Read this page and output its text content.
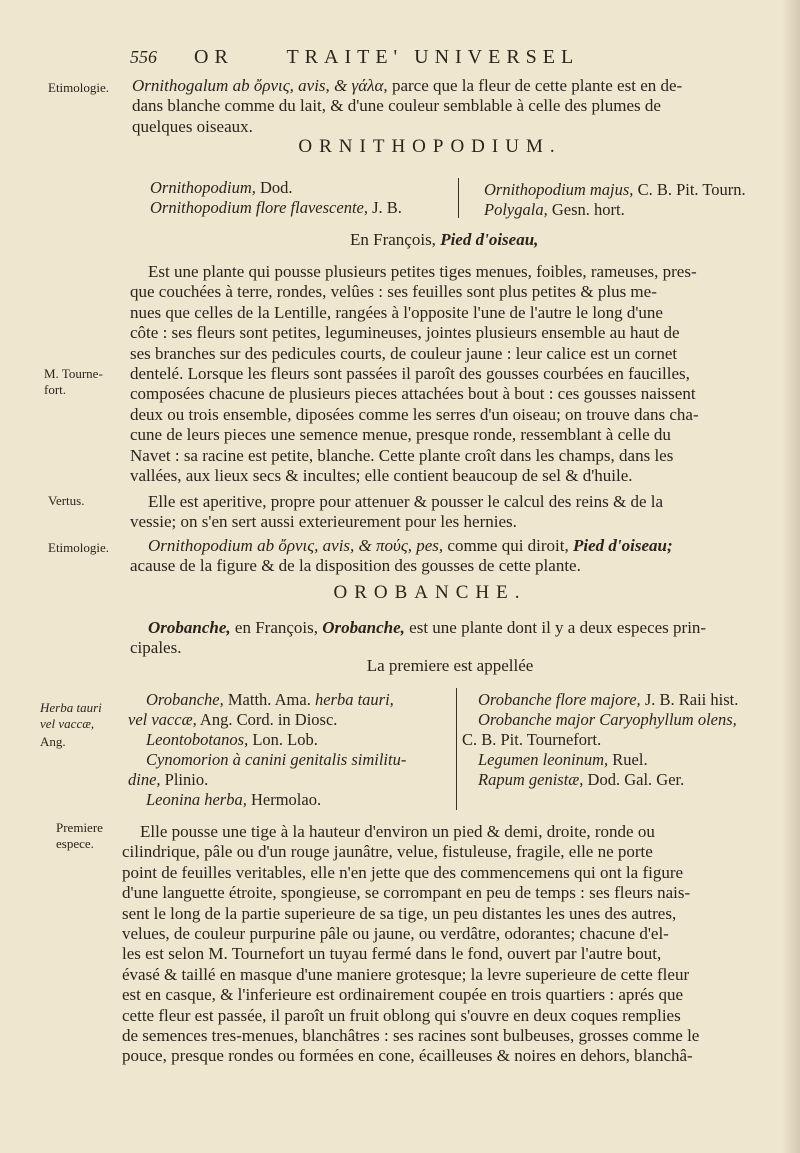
556 OR	TRAITE' UNIVERSEL
Etimologie.
M. Tourne-
fort.
Vertus.
Etimologie.
Herba tauri
vel vaccæ,
Ang.
Premiere
espece.
Ornithogalum ab ὄρνις, avis, & γάλα, parce que la fleur de cette plante est en de-
dans blanche comme du lait, & d'une couleur semblable à celle des plumes de
quelques oiseaux.
ORNITHOPODIUM.
Ornithopodium, Dod.
Ornithopodium flore flavescente, J. B.
Ornithopodium majus, C. B. Pit. Tourn.
Polygala, Gesn. hort.
En François, Pied d'oiseau,
Est une plante qui pousse plusieurs petites tiges menues, foibles, rameuses, pres-
que couchées à terre, rondes, velûes : ses feuilles sont plus petites & plus me-
nues que celles de la Lentille, rangées à l'opposite l'une de l'autre le long d'une
côte : ses fleurs sont petites, legumineuses, jointes plusieurs ensemble au haut de
ses branches sur des pedicules courts, de couleur jaune : leur calice est un cornet
dentelé. Lorsque les fleurs sont passées il paroît des gousses courbées en faucilles,
composées chacune de plusieurs pieces attachées bout à bout : ces gousses naissent
deux ou trois ensemble, diposées comme les serres d'un oiseau; on trouve dans cha-
cune de leurs pieces une semence menue, presque ronde, ressemblant à celle du
Navet : sa racine est petite, blanche. Cette plante croît dans les champs, dans les
vallées, aux lieux secs & incultes; elle contient beaucoup de sel & d'huile.
Elle est aperitive, propre pour attenuer & pousser le calcul des reins & de la
vessie; on s'en sert aussi exterieurement pour les hernies.
Ornithopodium ab ὄρνις, avis, & πούς, pes, comme qui diroit, Pied d'oiseau;
acause de la figure & de la disposition des gousses de cette plante.
OROBANCHE.
Orobanche, en François, Orobanche, est une plante dont il y a deux especes prin-
cipales.
La premiere est appellée
Orobanche, Matth. Ama. herba tauri,
vel vaccæ, Ang. Cord. in Diosc.
Leontobotanos, Lon. Lob.
Cynomorion à canini genitalis similitu-
dine, Plinio.
Leonina herba, Hermolao.
Orobanche flore majore, J. B. Raii hist.
Orobanche major Caryophyllum olens,
C. B. Pit. Tournefort.
Legumen leoninum, Ruel.
Rapum genistæ, Dod. Gal. Ger.
Elle pousse une tige à la hauteur d'environ un pied & demi, droite, ronde ou
cilindrique, pâle ou d'un rouge jaunâtre, velue, fistuleuse, fragile, elle ne porte
point de feuilles veritables, elle n'en jette que des commencemens qui ont la figure
d'une languette étroite, spongieuse, se corrompant en peu de temps : ses fleurs nais-
sent le long de la partie superieure de sa tige, un peu distantes les unes des autres,
velues, de couleur purpurine pâle ou jaune, ou verdâtre, odorantes; chacune d'el-
les est selon M. Tournefort un tuyau fermé dans le fond, ouvert par l'autre bout,
évasé & taillé en masque d'une maniere grotesque; la levre superieure de cette fleur
est en casque, & l'inferieure est ordinairement coupée en trois quartiers : aprés que
cette fleur est passée, il paroît un fruit oblong qui s'ouvre en deux coques remplies
de semences tres-menues, blanchâtres : ses racines sont bulbeuses, grosses comme le
pouce, presque rondes ou formées en cone, écailleuses & noires en dehors, blanchâ-
